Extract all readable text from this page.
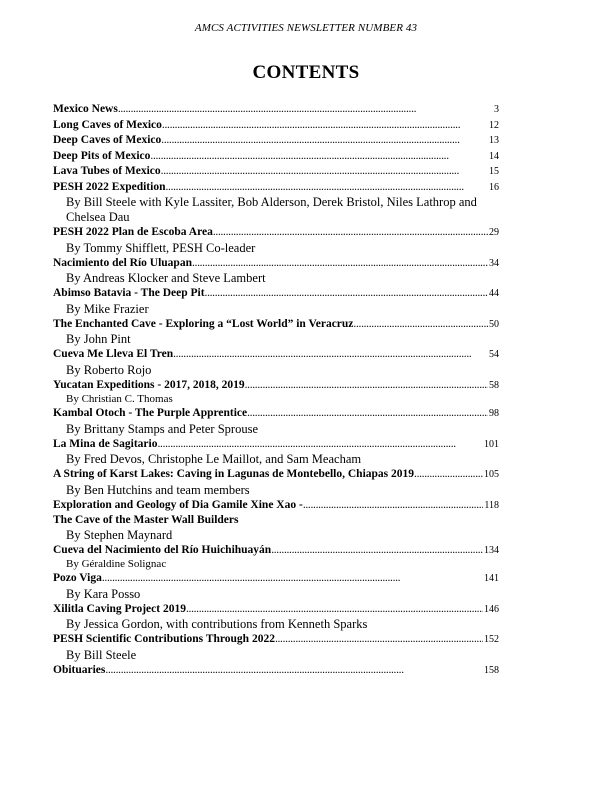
AMCS ACTIVITIES NEWSLETTER NUMBER 43
CONTENTS
Mexico News . . .	3
Long Caves of Mexico . . .	12
Deep Caves of Mexico . . .	13
Deep Pits of Mexico . . .	14
Lava Tubes of Mexico . . .	15
PESH 2022 Expedition . . .	16
By Bill Steele with Kyle Lassiter, Bob Alderson, Derek Bristol, Niles Lathrop and Chelsea Dau
PESH 2022 Plan de Escoba Area . . .	29
By Tommy Shifflett, PESH Co-leader
Nacimiento del Río Uluapan . . .	34
By Andreas Klocker and Steve Lambert
Abimso Batavia - The Deep Pit . . .	44
By Mike Frazier
The Enchanted Cave - Exploring a “Lost World” in Veracruz . . .	50
By John Pint
Cueva Me Lleva El Tren . . .	54
By Roberto Rojo
Yucatan Expeditions - 2017, 2018, 2019 . . .	58
By Christian C. Thomas
Kambal Otoch - The Purple Apprentice . . .	98
By Brittany Stamps and Peter Sprouse
La Mina de Sagitario . . .	101
By Fred Devos, Christophe Le Maillot, and Sam Meacham
A String of Karst Lakes: Caving in Lagunas de Montebello, Chiapas 2019 . . .	105
By Ben Hutchins and team members
Exploration and Geology of Dia Gamile Xine Xao - . . .	118
The Cave of the Master Wall Builders
By Stephen Maynard
Cueva del Nacimiento del Río Huichihuayán . . .	134
By Géraldine Solignac
Pozo Viga . . .	141
By Kara Posso
Xilitla Caving Project 2019 . . .	146
By Jessica Gordon, with contributions from Kenneth Sparks
PESH Scientific Contributions Through 2022 . . .	152
By Bill Steele
Obituaries . . .	158
